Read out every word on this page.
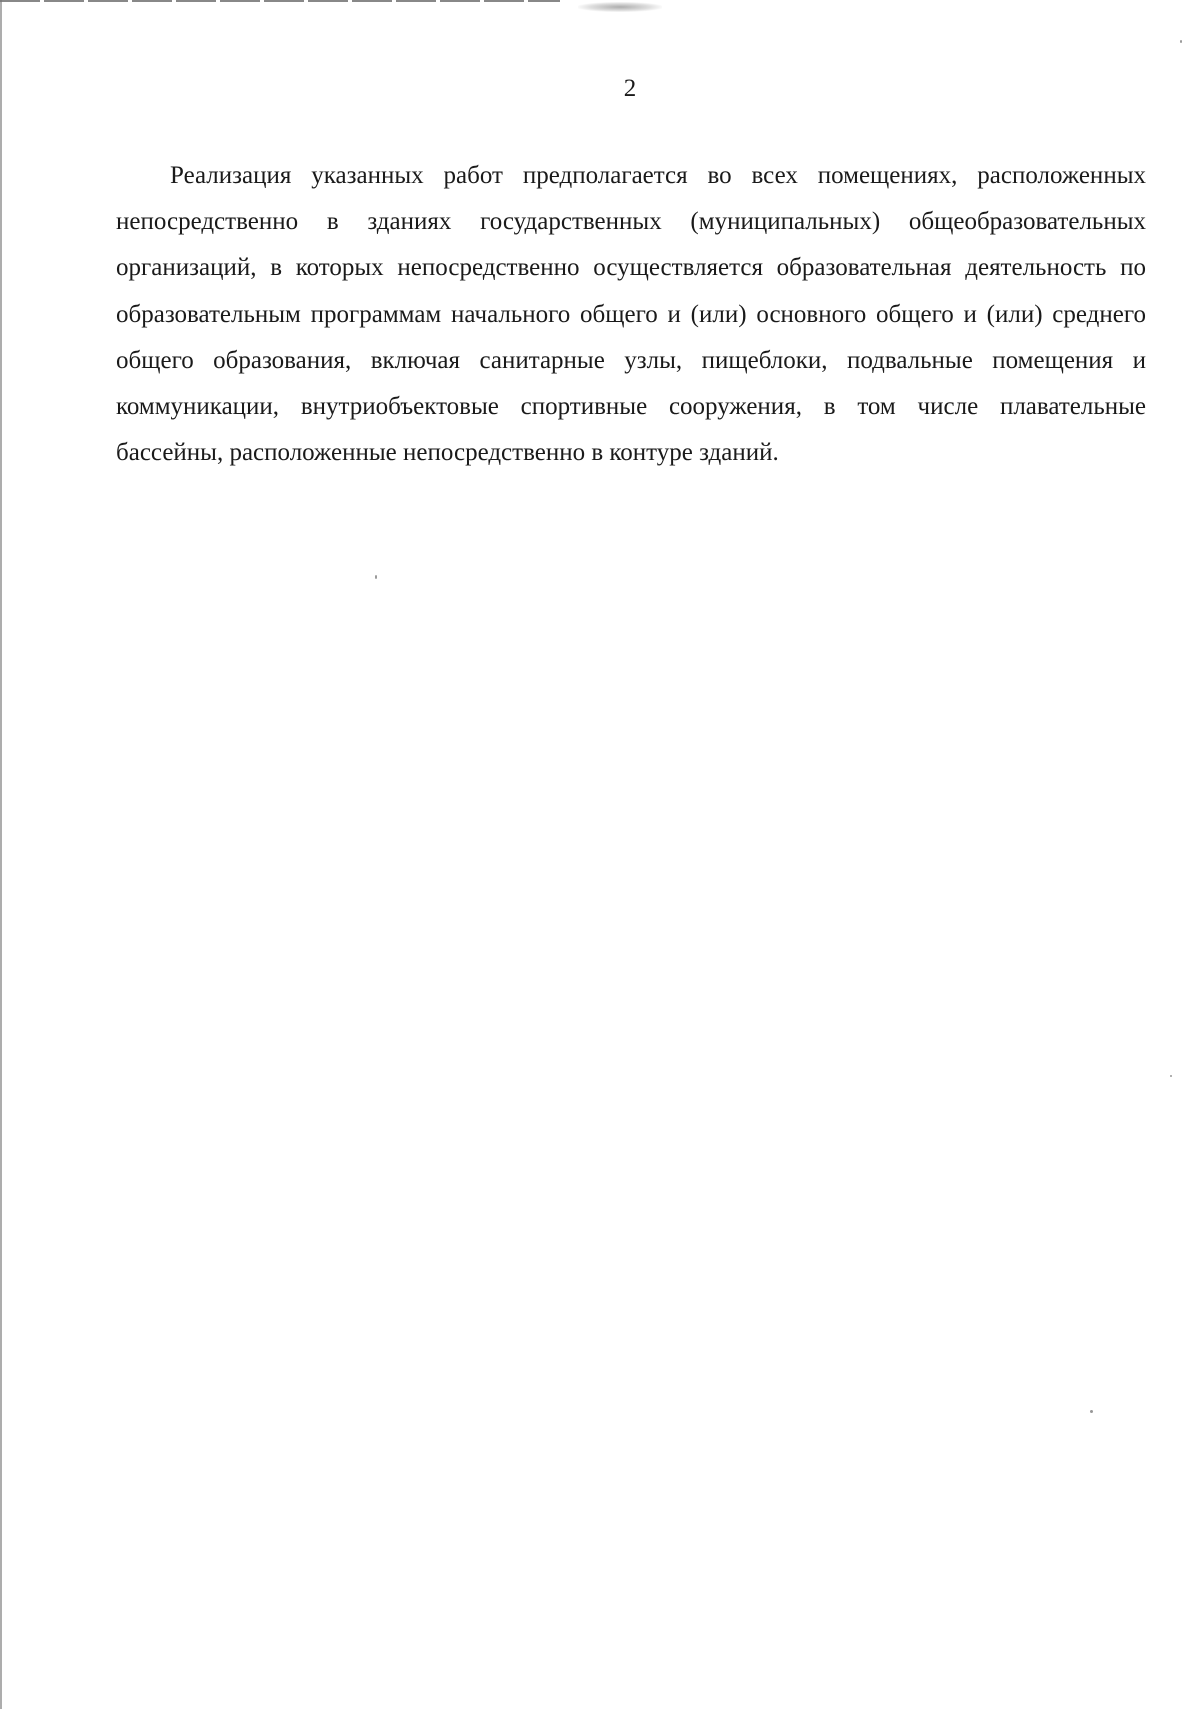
2

Реализация указанных работ предполагается во всех помещениях, расположенных непосредственно в зданиях государственных (муниципальных) общеобразовательных организаций, в которых непосредственно осуществляется образовательная деятельность по образовательным программам начального общего и (или) основного общего и (или) среднего общего образования, включая санитарные узлы, пищеблоки, подвальные помещения и коммуникации, внутриобъектовые спортивные сооружения, в том числе плавательные бассейны, расположенные непосредственно в контуре зданий.
